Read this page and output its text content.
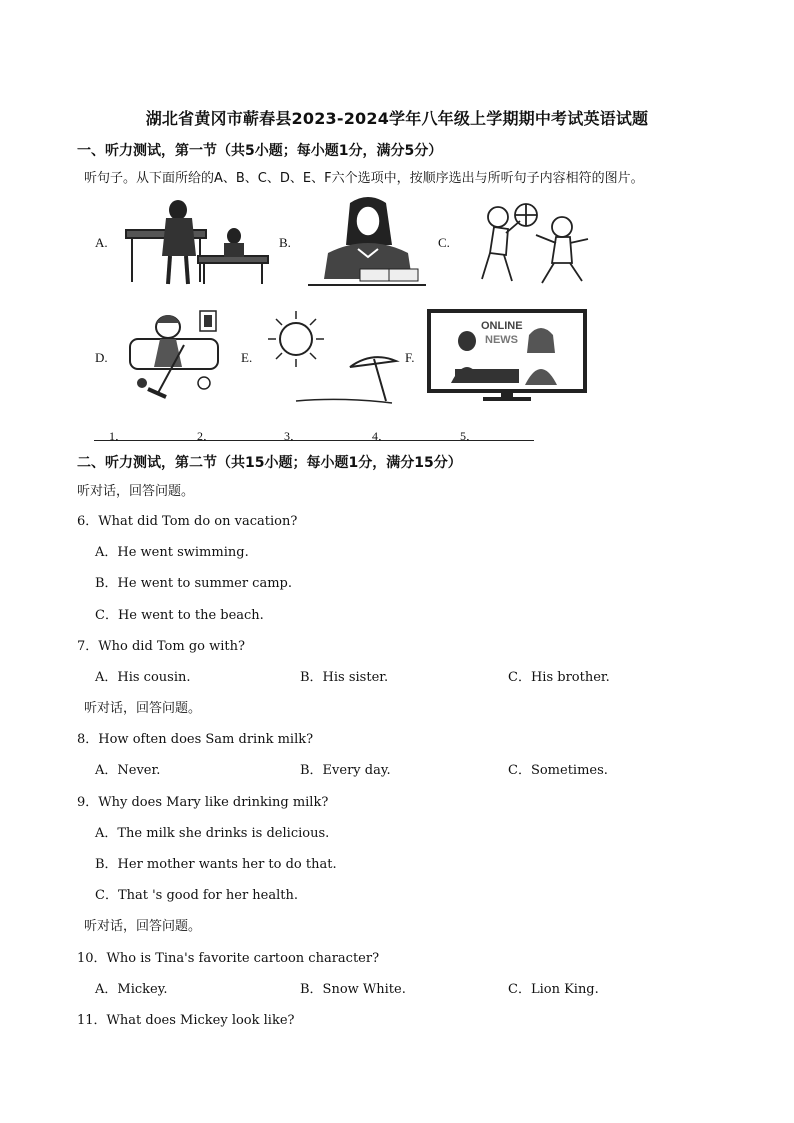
湖北省黄冈市蕲春县2023-2024学年八年级上学期期中考试英语试题
一、听力测试，第一节（共5小题；每小题1分，满分5分）
听句子。从下面所给的A、B、C、D、E、F六个选项中，按顺序选出与所听句子内容相符的图片。
A.	B.	C.
D.	E.	F.
ONLINE
NEWS
1．	2．	3．	4．	5．
二、听力测试，第二节（共15小题；每小题1分，满分15分）
听对话，回答问题。
6．What did Tom do on vacation?
A．He went swimming.
B．He went to summer camp.
C．He went to the beach.
7．Who did Tom go with?
A．His cousin.	B．His sister.	C．His brother.
听对话，回答问题。
8．How often does Sam drink milk?
A．Never.	B．Every day.	C．Sometimes.
9．Why does Mary like drinking milk?
A．The milk she drinks is delicious.
B．Her mother wants her to do that.
C．That 's good for her health.
听对话，回答问题。
10．Who is Tina's favorite cartoon character?
A．Mickey.	B．Snow White.	C．Lion King.
11．What does Mickey look like?
